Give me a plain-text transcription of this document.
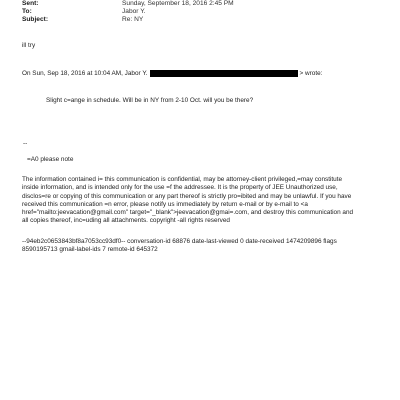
Sent:	Sunday, September 18, 2016 2:45 PM
To:	Jabor Y.
Subject:	Re: NY
ill try
On Sun, Sep 18, 2016 at 10:04 AM, Jabor Y.	> wrote:
Slight c=ange in schedule. Will be in NY from 2-10 Oct. will you be there?
--
=A0 please note
The information contained i= this communication is confidential, may be attorney-client privileged,=may constitute
inside information, and is intended only for the use =f the addressee. It is the property of JEE Unauthorized use,
disclos=re or copying of this communication or any part thereof is strictly pro=ibited and may be unlawful. If you have
received this communication =n error, please notify us immediately by return e-mail or by e-mail to <a
href="mailto:jeevacation@gmail.com" target="_blank">jeevacation@gmai=.com, and destroy this communication and
all copies thereof, inc=uding all attachments. copyright -all rights reserved
--94eb2c0653843bf8a7053cc93df0-- conversation-id 68876 date-last-viewed 0 date-received 1474209896 flags
8590195713 gmail-label-ids 7 remote-id 645372
